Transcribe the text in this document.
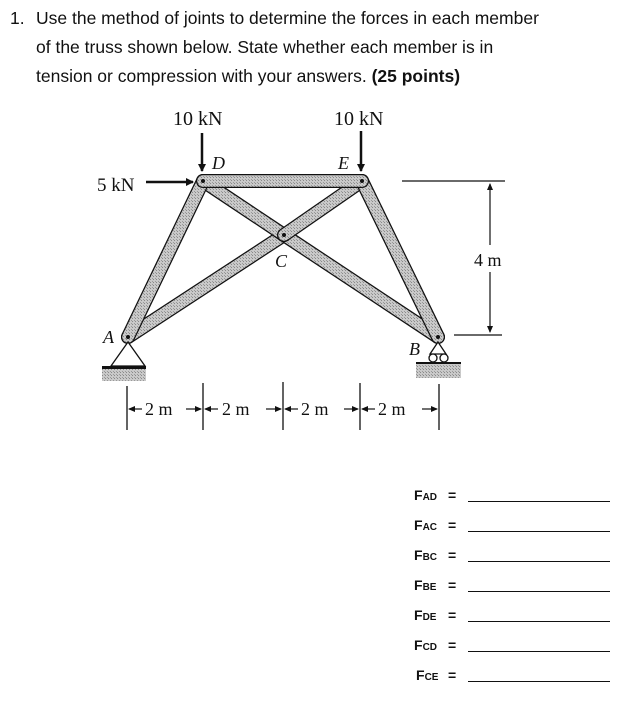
1. Use the method of joints to determine the forces in each member
of the truss shown below. State whether each member is in
tension or compression with your answers. (25 points)
10 kN	10 kN
5 kN
D	E
C
A
B
4 m
2 m	2 m	2 m	2 m
FAD =
FAC =
FBC =
FBE =
FDE =
FCD =
FCE =
